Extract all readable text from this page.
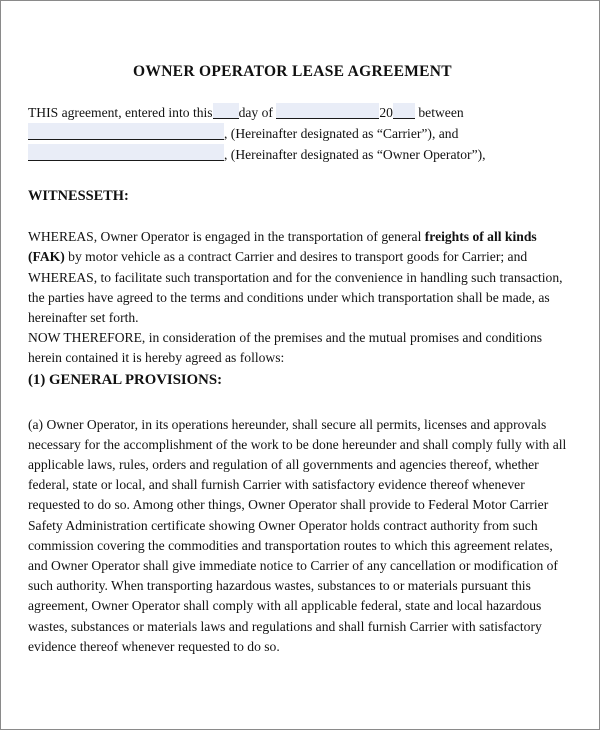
OWNER OPERATOR LEASE AGREEMENT
THIS agreement, entered into this day of	20 between
, (Hereinafter designated as “Carrier”), and
, (Hereinafter designated as “Owner Operator”),

WITNESSETH:

WHEREAS, Owner Operator is engaged in the transportation of general freights of all kinds (FAK) by motor vehicle as a contract Carrier and desires to transport goods for Carrier; and WHEREAS, to facilitate such transportation and for the convenience in handling such transaction, the parties have agreed to the terms and conditions under which transportation shall be made, as hereinafter set forth.

NOW THEREFORE, in consideration of the premises and the mutual promises and conditions herein contained it is hereby agreed as follows:

(1) GENERAL PROVISIONS:

(a) Owner Operator, in its operations hereunder, shall secure all permits, licenses and approvals necessary for the accomplishment of the work to be done hereunder and shall comply fully with all applicable laws, rules, orders and regulation of all governments and agencies thereof, whether federal, state or local, and shall furnish Carrier with satisfactory evidence thereof whenever requested to do so. Among other things, Owner Operator shall provide to Federal Motor Carrier Safety Administration certificate showing Owner Operator holds contract authority from such commission covering the commodities and transportation routes to which this agreement relates, and Owner Operator shall give immediate notice to Carrier of any cancellation or modification of such authority. When transporting hazardous wastes, substances to or materials pursuant this agreement, Owner Operator shall comply with all applicable federal, state and local hazardous wastes, substances or materials laws and regulations and shall furnish Carrier with satisfactory evidence thereof whenever requested to do so.
